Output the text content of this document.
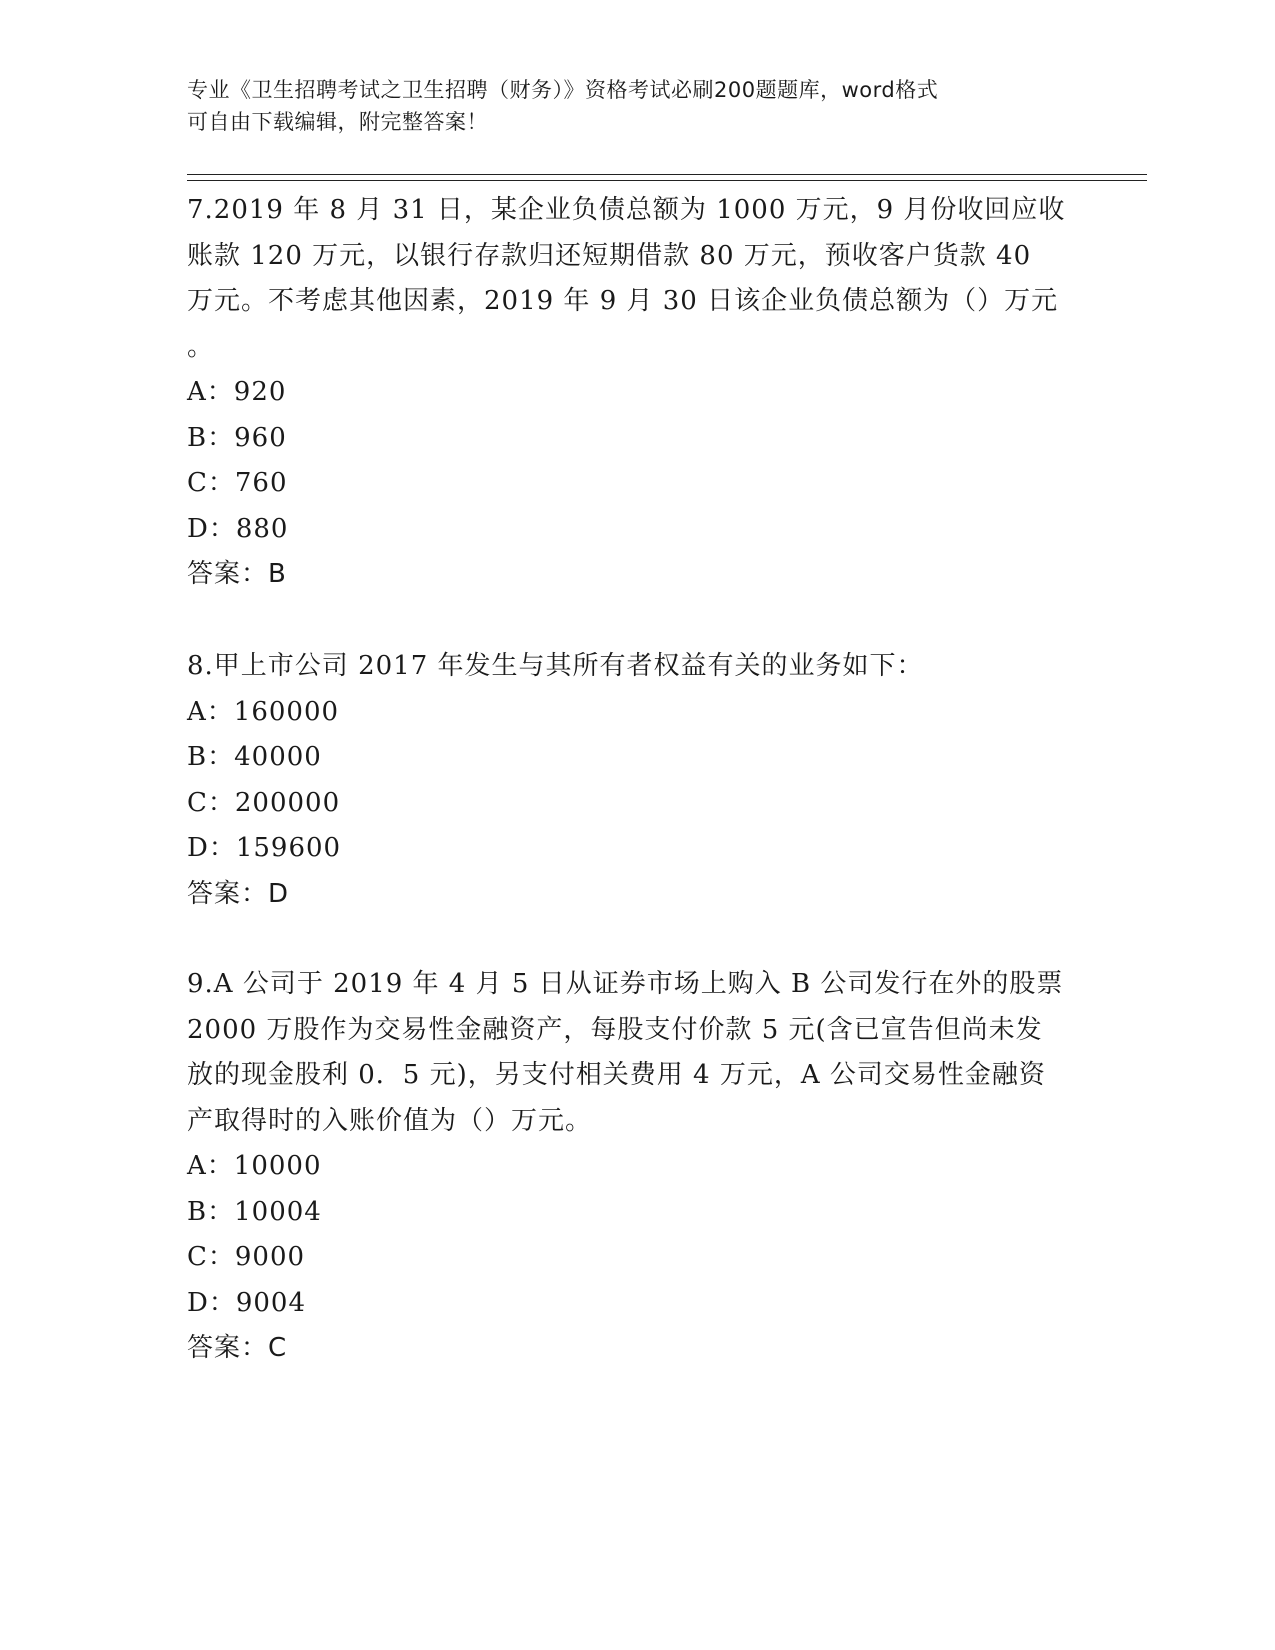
专业《卫生招聘考试之卫生招聘（财务）》资格考试必刷200题题库，word格式
可自由下载编辑，附完整答案！

7.2019 年 8 月 31 日，某企业负债总额为 1000 万元，9 月份收回应收

账款 120 万元，以银行存款归还短期借款 80 万元，预收客户货款 40

万元。不考虑其他因素，2019 年 9 月 30 日该企业负债总额为（）万元

。

A：920

B：960

C：760

D：880

答案：B

8.甲上市公司 2017 年发生与其所有者权益有关的业务如下：

A：160000

B：40000

C：200000

D：159600

答案：D

9.A 公司于 2019 年 4 月 5 日从证券市场上购入 B 公司发行在外的股票

2000 万股作为交易性金融资产，每股支付价款 5 元(含已宣告但尚未发

放的现金股利 0．5 元)，另支付相关费用 4 万元，A 公司交易性金融资

产取得时的入账价值为（）万元。

A：10000

B：10004

C：9000

D：9004

答案：C
